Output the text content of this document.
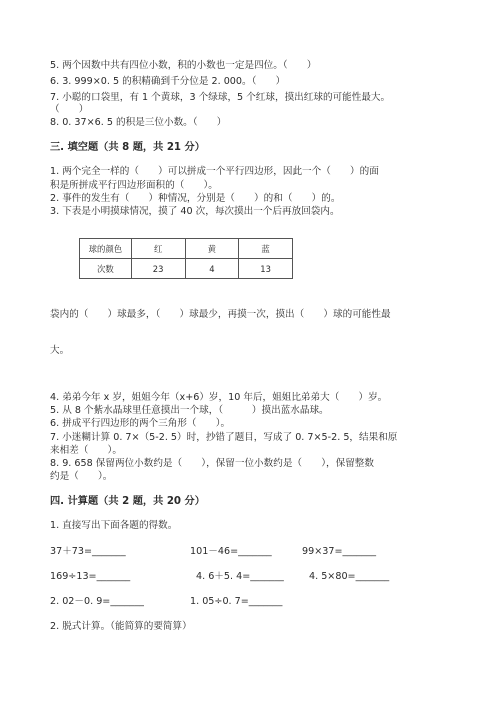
5. 两个因数中共有四位小数，积的小数也一定是四位。（　　）
6. 3. 999×0. 5 的积精确到千分位是 2. 000。（　　）
7. 小聪的口袋里，有 1 个黄球，3 个绿球，5 个红球，摸出红球的可能性最大。
（　　）
8. 0. 37×6. 5 的积是三位小数。（　　）
三. 填空题（共 8 题，共 21 分）
1. 两个完全一样的（　　）可以拼成一个平行四边形，因此一个（　　）的面
积是所拼成平行四边形面积的（　　）。
2. 事件的发生有（　　）种情况，分别是（　　）的和（　　）的。
3. 下表是小明摸球情况，摸了 40 次，每次摸出一个后再放回袋内。
球的颜色	红	黄	蓝
次数	23	4	13
袋内的（　　）球最多，（　　）球最少，再摸一次，摸出（　　）球的可能性最
大。
4. 弟弟今年 x 岁，姐姐今年（x+6）岁，10 年后，姐姐比弟弟大（　　）岁。
5. 从 8 个紫水晶球里任意摸出一个球，（　　　）摸出蓝水晶球。
6. 拼成平行四边形的两个三角形（　　）。
7. 小迷糊计算 0. 7×（5-2. 5）时，抄错了题目，写成了 0. 7×5-2. 5，结果和原
来相差（　　）。
8. 9. 658 保留两位小数约是（　　），保留一位小数约是（　　），保留整数
约是（　　）。
四. 计算题（共 2 题，共 20 分）
1. 直接写出下面各题的得数。
37＋73=_______	101－46=_______	99×37=_______
169÷13=_______	4. 6＋5. 4=_______	4. 5×80=_______
2. 02－0. 9=_______	1. 05÷0. 7=_______
2. 脱式计算。（能简算的要简算）
